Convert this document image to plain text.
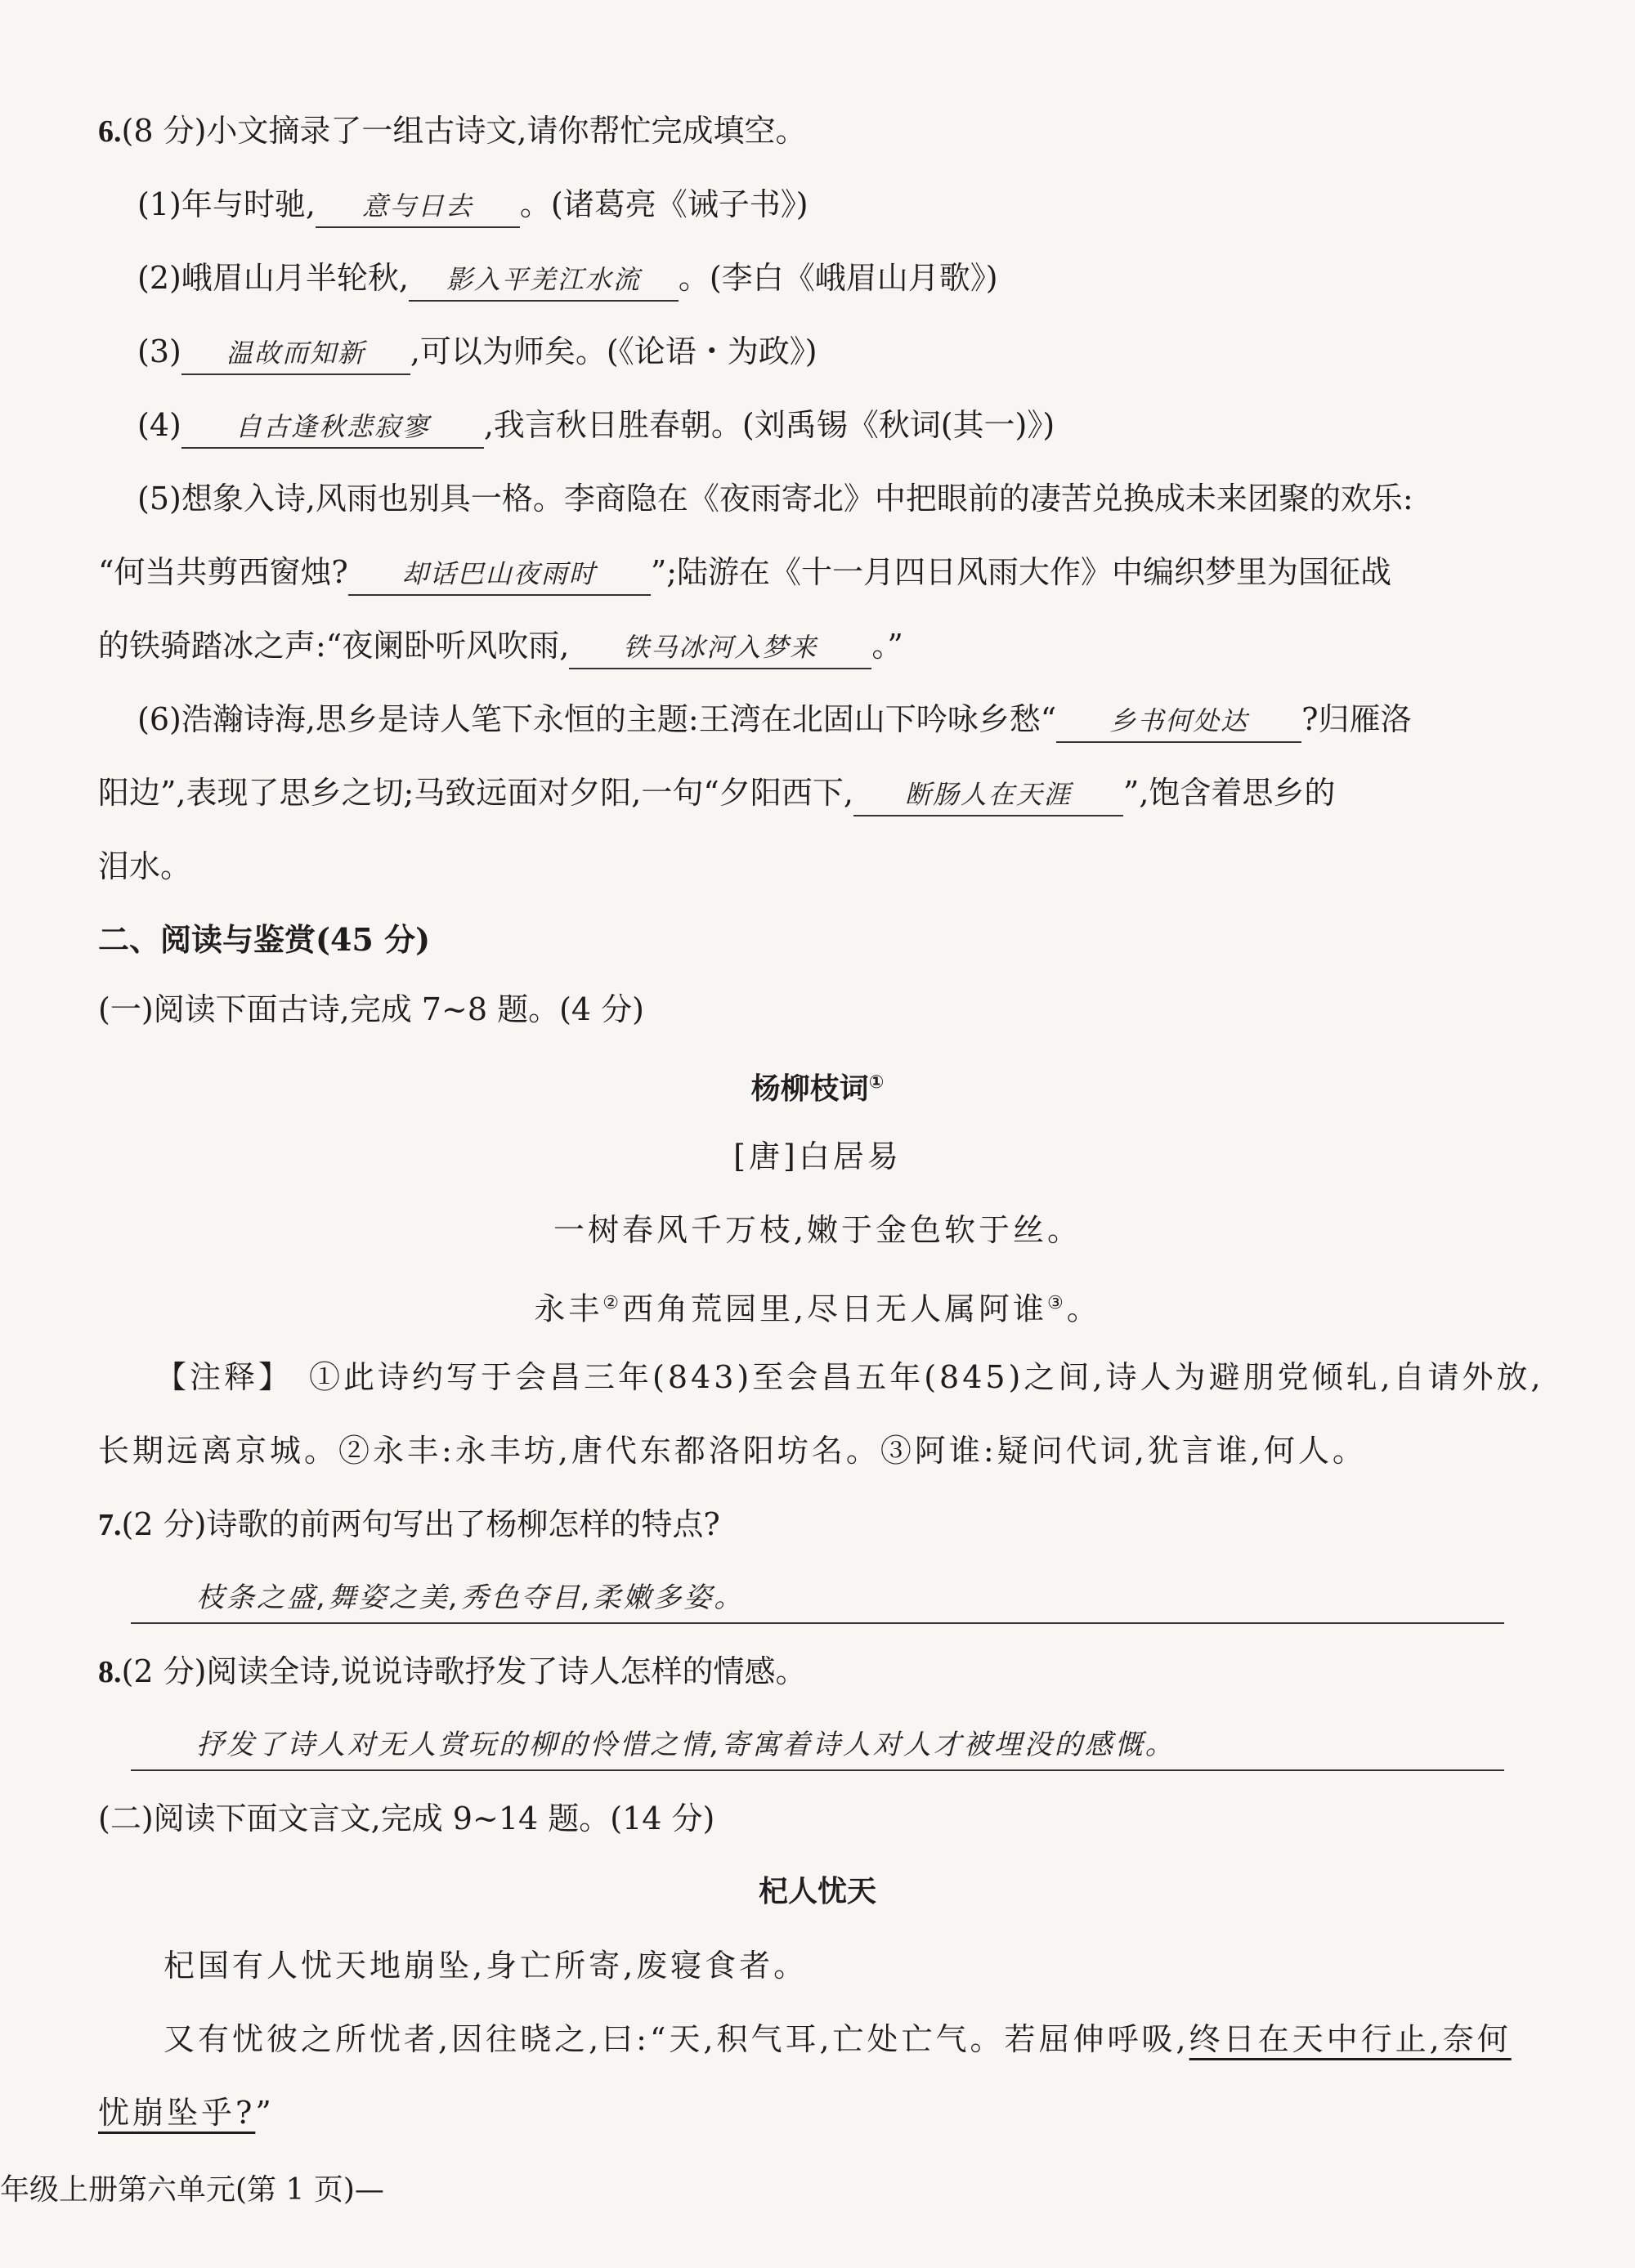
6.(8 分)小文摘录了一组古诗文,请你帮忙完成填空。
(1)年与时驰, 意与日去 。(诸葛亮《诫子书》)
(2)峨眉山月半轮秋, 影入平羌江水流 。(李白《峨眉山月歌》)
(3) 温故而知新 ,可以为师矣。(《论语・为政》)
(4) 自古逢秋悲寂寥 ,我言秋日胜春朝。(刘禹锡《秋词(其一)》)
(5)想象入诗,风雨也别具一格。李商隐在《夜雨寄北》中把眼前的凄苦兑换成未来团聚的欢乐:
“何当共剪西窗烛? 却话巴山夜雨时 ”;陆游在《十一月四日风雨大作》中编织梦里为国征战
的铁骑踏冰之声:“夜阑卧听风吹雨, 铁马冰河入梦来 。”
(6)浩瀚诗海,思乡是诗人笔下永恒的主题:王湾在北固山下吟咏乡愁“ 乡书何处达 ?归雁洛
阳边”,表现了思乡之切;马致远面对夕阳,一句“夕阳西下, 断肠人在天涯 ”,饱含着思乡的
泪水。
二、阅读与鉴赏(45 分)
(一)阅读下面古诗,完成 7~8 题。(4 分)
杨柳枝词①
[唐]白居易
一树春风千万枝,嫩于金色软于丝。
永丰②西角荒园里,尽日无人属阿谁③。
【注释】 ①此诗约写于会昌三年(843)至会昌五年(845)之间,诗人为避朋党倾轧,自请外放,
长期远离京城。②永丰:永丰坊,唐代东都洛阳坊名。③阿谁:疑问代词,犹言谁,何人。
7.(2 分)诗歌的前两句写出了杨柳怎样的特点?
枝条之盛,舞姿之美,秀色夺目,柔嫩多姿。
8.(2 分)阅读全诗,说说诗歌抒发了诗人怎样的情感。
抒发了诗人对无人赏玩的柳的怜惜之情,寄寓着诗人对人才被埋没的感慨。
(二)阅读下面文言文,完成 9~14 题。(14 分)
杞人忧天
杞国有人忧天地崩坠,身亡所寄,废寝食者。
又有忧彼之所忧者,因往晓之,曰:“天,积气耳,亡处亡气。若屈伸呼吸,终日在天中行止,奈何
忧崩坠乎?”
年级上册第六单元(第 1 页)—
